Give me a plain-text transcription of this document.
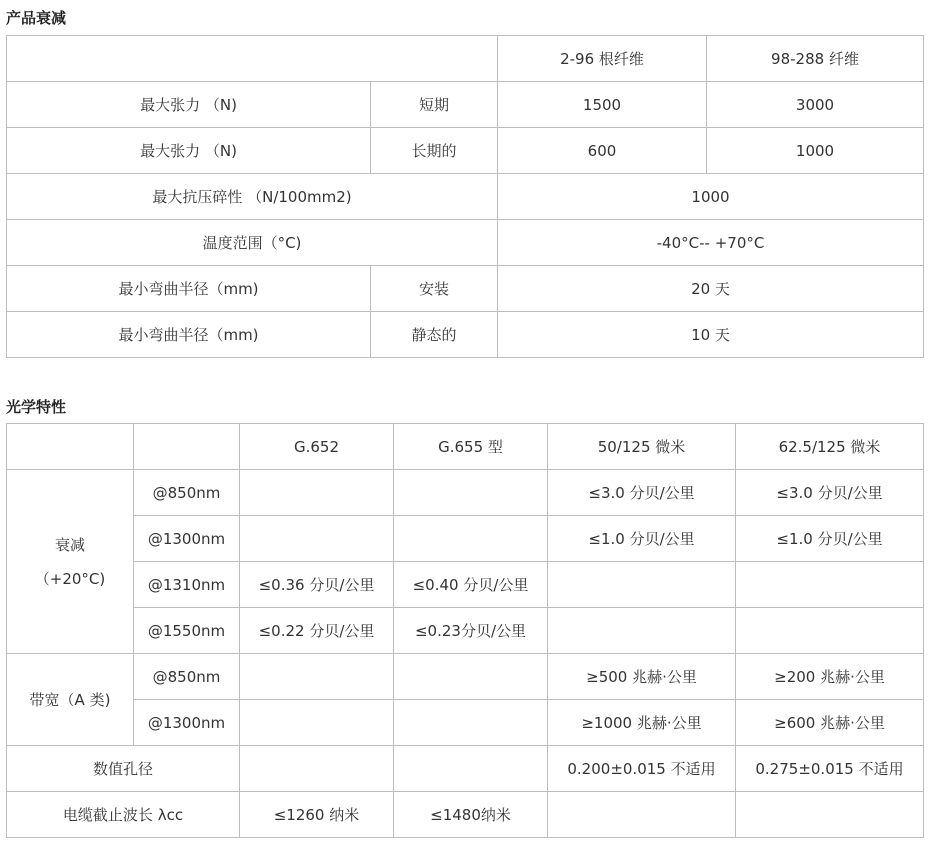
产品衰减
		2-96 根纤维	98-288 纤维
最大张力 （N)	短期	1500	3000
最大张力 （N)	长期的	600	1000
最大抗压碎性 （N/100mm2)		1000	
温度范围（°C)		-40°C-- +70°C	
最小弯曲半径（mm)	安装	20 天	
最小弯曲半径（mm)	静态的	10 天	
光学特性
		G.652	G.655 型	50/125 微米	62.5/125 微米

衰减
（+20°C)	@850nm			≤3.0 分贝/公里	≤3.0 分贝/公里
	@1300nm			≤1.0 分贝/公里	≤1.0 分贝/公里
	@1310nm	≤0.36 分贝/公里	≤0.40 分贝/公里		
	@1550nm	≤0.22 分贝/公里	≤0.23分贝/公里		
带宽（A 类)	@850nm			≥500 兆赫·公里	≥200 兆赫·公里
	@1300nm			≥1000 兆赫·公里	≥600 兆赫·公里
数值孔径				0.200±0.015 不适用	0.275±0.015 不适用
电缆截止波长 λcc		≤1260 纳米	≤1480纳米		
